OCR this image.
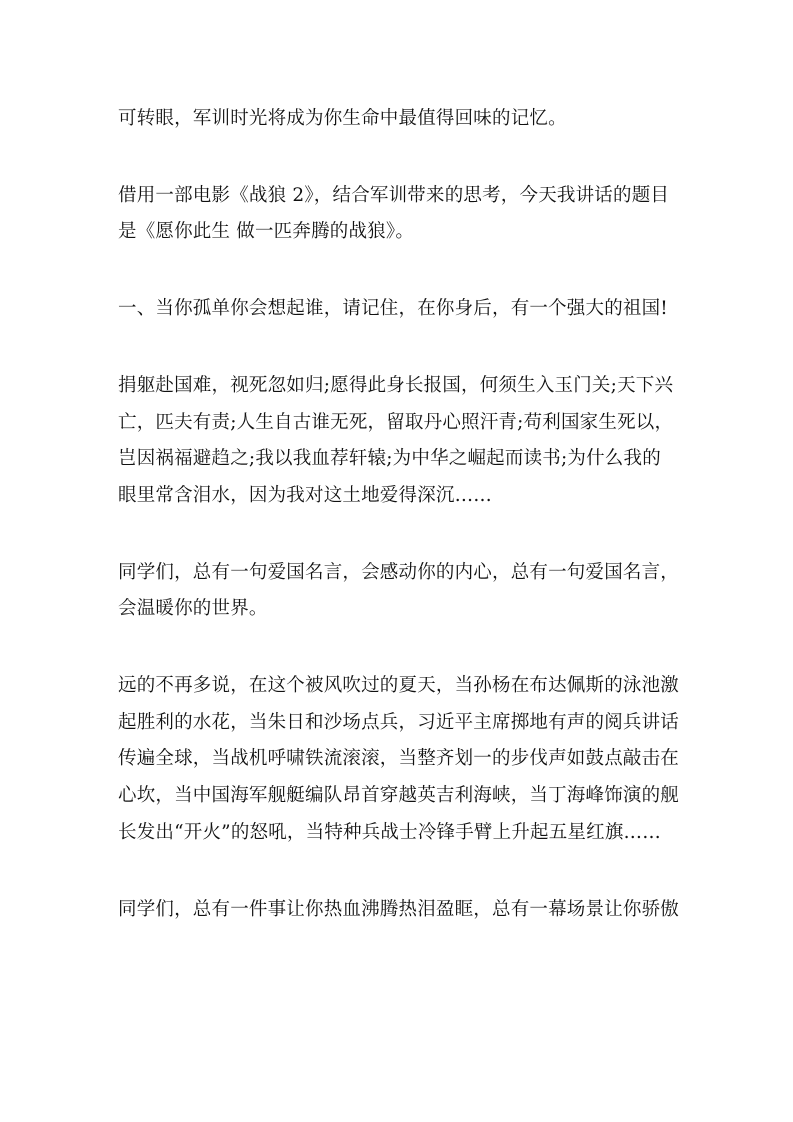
可转眼，军训时光将成为你生命中最值得回味的记忆。

借用一部电影《战狼 2》，结合军训带来的思考，今天我讲话的题目
是《愿你此生 做一匹奔腾的战狼》。

一、当你孤单你会想起谁，请记住，在你身后，有一个强大的祖国!

捐躯赴国难，视死忽如归;愿得此身长报国，何须生入玉门关;天下兴
亡，匹夫有责;人生自古谁无死，留取丹心照汗青;苟利国家生死以，
岂因祸福避趋之;我以我血荐轩辕;为中华之崛起而读书;为什么我的
眼里常含泪水，因为我对这土地爱得深沉……

同学们，总有一句爱国名言，会感动你的内心，总有一句爱国名言，
会温暖你的世界。

远的不再多说，在这个被风吹过的夏天，当孙杨在布达佩斯的泳池激
起胜利的水花，当朱日和沙场点兵，习近平主席掷地有声的阅兵讲话
传遍全球，当战机呼啸铁流滚滚，当整齐划一的步伐声如鼓点敲击在
心坎，当中国海军舰艇编队昂首穿越英吉利海峡，当丁海峰饰演的舰
长发出“开火”的怒吼，当特种兵战士冷锋手臂上升起五星红旗……

同学们，总有一件事让你热血沸腾热泪盈眶，总有一幕场景让你骄傲
